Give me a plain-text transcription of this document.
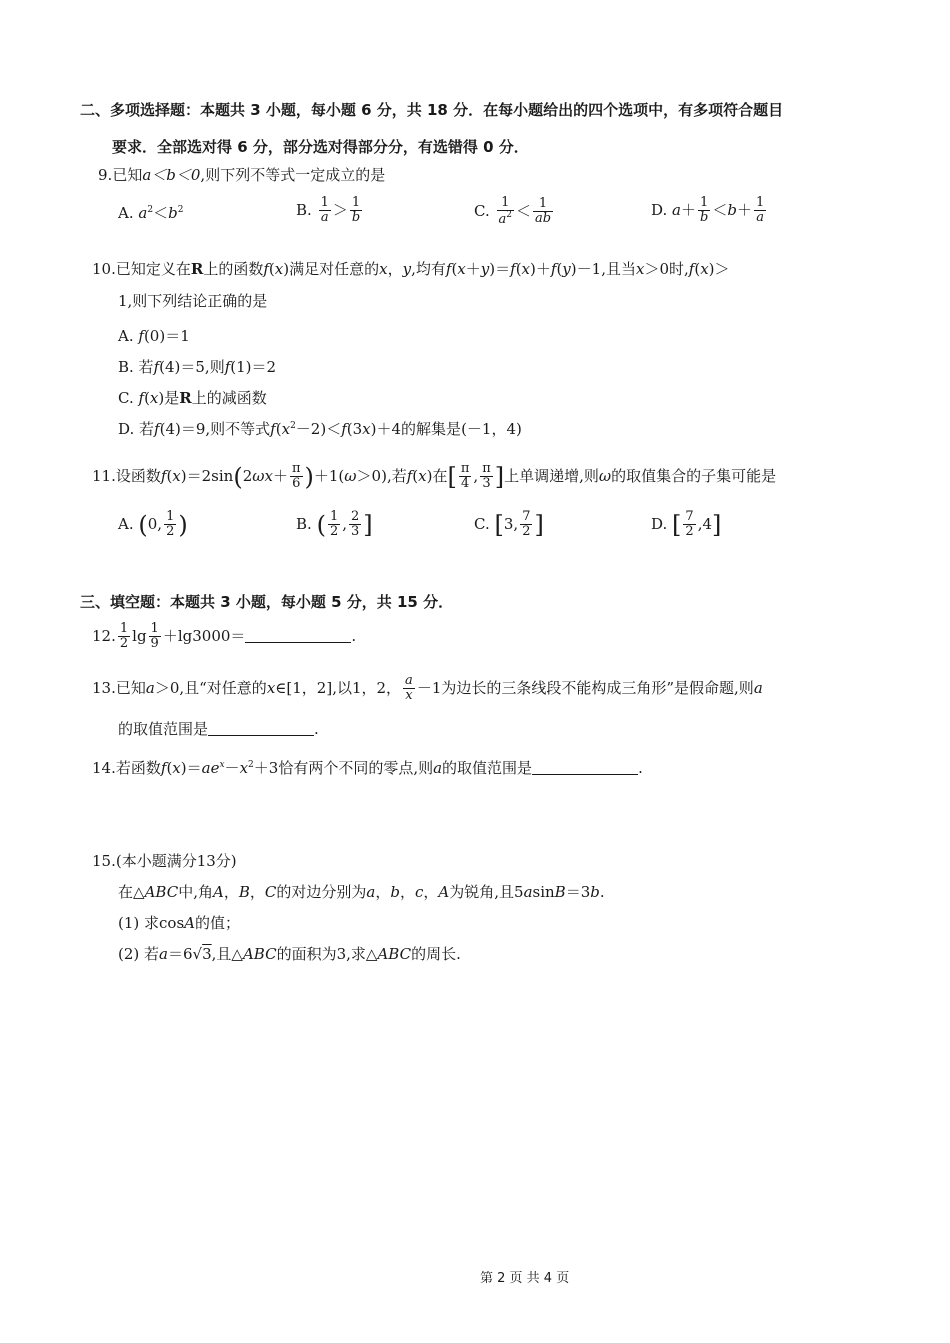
二、多项选择题：本题共 3 小题，每小题 6 分，共 18 分．在每小题给出的四个选项中，有多项符合题目
要求．全部选对得 6 分，部分选对得部分分，有选错得 0 分．
9.已知a＜b＜0,则下列不等式一定成立的是
A. $a^2<b^2$	B. $\frac{1}{a} > \frac{1}{b}$	C. $\frac{1}{a^2} < \frac{1}{ab}$	D. $a+ \frac{1}{b} <b+ \frac{1}{a}$
10.已知定义在R上的函数f(x)满足对任意的x，y,均有f(x＋y)＝f(x)＋f(y)－1,且当x＞0时,f(x)＞
1,则下列结论正确的是
A. f(0)＝1
B. 若f(4)＝5,则f(1)＝2
C. f(x)是R上的减函数
D. 若f(4)＝9,则不等式$f(x^2-2)<f(3x)+4$的解集是(－1，4)
11.设函数$f(x)=2\sin(2\omega x+ \frac{\pi}{6} )+1(\omega>0)$,若f(x)在[ $\frac{\pi}{4}$ , $\frac{\pi}{3}$ ]上单调递增,则ω的取值集合的子集可能是
A. (0, $\frac{1}{2}$ )	B. ( $\frac{1}{2}$ , $\frac{2}{3}$ ]	C. [3, $\frac{7}{2}$ ]	D. [ $\frac{7}{2} ,4$]
三、填空题：本题共 3 小题，每小题 5 分，共 15 分．
12. $\frac{1}{2}$ $\lg \frac{1}{9} +\lg 3000=$	.
13.已知a＞0,且“对任意的x∈[1，2],以1，2， $\frac{a}{x} -1$为边长的三条线段不能构成三角形”是假命题,则a
的取值范围是	.
14.若函数$f(x)=ae^x-x^2+3$恰有两个不同的零点,则a的取值范围是	.
15.(本小题满分13分)
在△ABC中,角A，B，C的对边分别为a，b，c，A为锐角,且5asinB＝3b.
(1) 求cosA的值；
(2) 若a＝6√3,且△ABC的面积为3,求△ABC的周长.
第 2 页 共 4 页
